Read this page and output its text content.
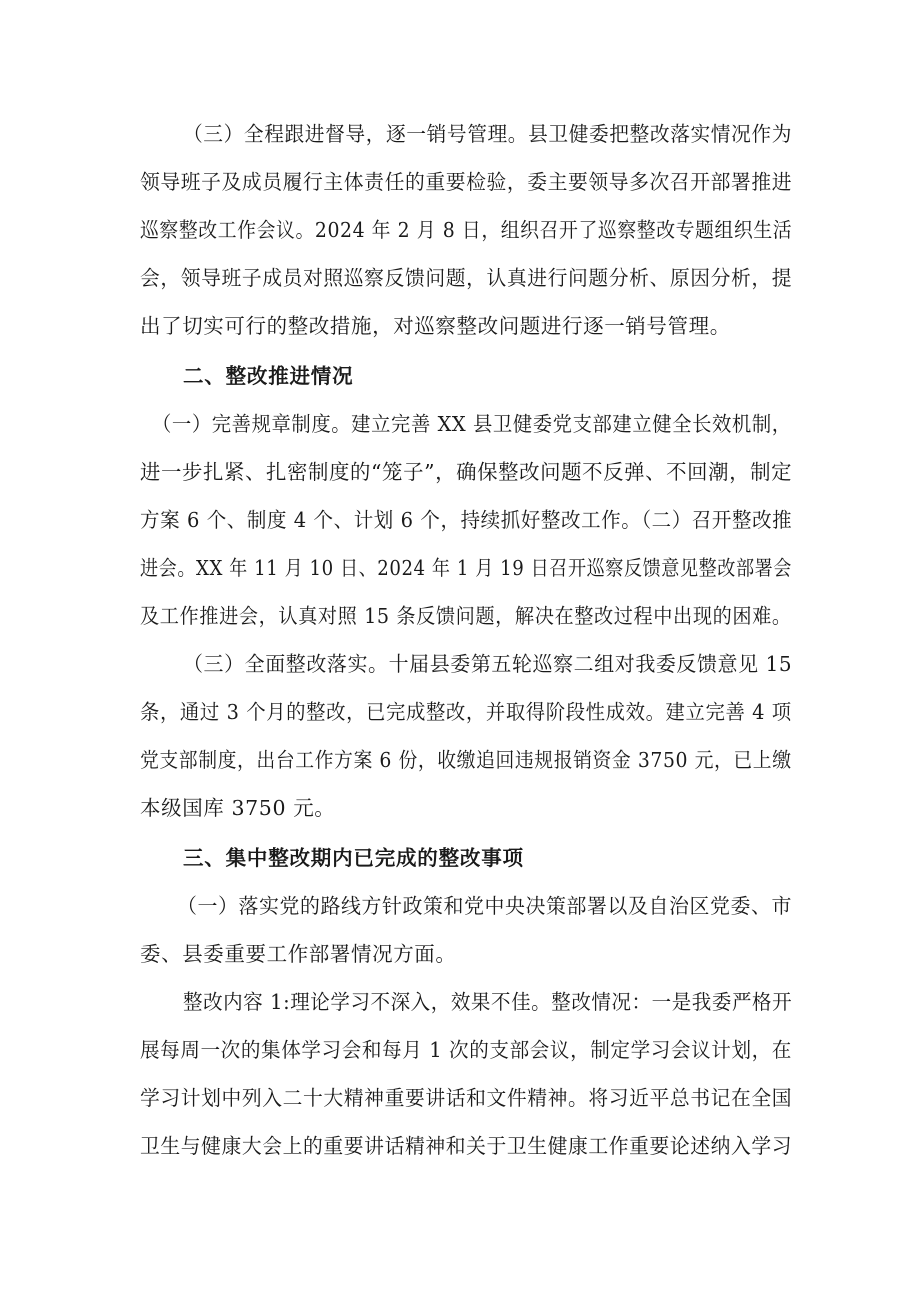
（三）全程跟进督导，逐一销号管理。县卫健委把整改落实情况作为
领导班子及成员履行主体责任的重要检验，委主要领导多次召开部署推进
巡察整改工作会议。2024 年 2 月 8 日，组织召开了巡察整改专题组织生活
会，领导班子成员对照巡察反馈问题，认真进行问题分析、原因分析，提
出了切实可行的整改措施，对巡察整改问题进行逐一销号管理。
二、整改推进情况
（一）完善规章制度。建立完善 XX 县卫健委党支部建立健全长效机制，
进一步扎紧、扎密制度的“笼子”，确保整改问题不反弹、不回潮，制定
方案 6 个、制度 4 个、计划 6 个，持续抓好整改工作。（二）召开整改推
进会。XX 年 11 月 10 日、2024 年 1 月 19 日召开巡察反馈意见整改部署会
及工作推进会，认真对照 15 条反馈问题，解决在整改过程中出现的困难。
（三）全面整改落实。十届县委第五轮巡察二组对我委反馈意见 15
条，通过 3 个月的整改，已完成整改，并取得阶段性成效。建立完善 4 项
党支部制度，出台工作方案 6 份，收缴追回违规报销资金 3750 元，已上缴
本级国库 3750 元。
三、集中整改期内已完成的整改事项
（一）落实党的路线方针政策和党中央决策部署以及自治区党委、市
委、县委重要工作部署情况方面。
整改内容 1:理论学习不深入，效果不佳。整改情况：一是我委严格开
展每周一次的集体学习会和每月 1 次的支部会议，制定学习会议计划，在
学习计划中列入二十大精神重要讲话和文件精神。将习近平总书记在全国
卫生与健康大会上的重要讲话精神和关于卫生健康工作重要论述纳入学习
